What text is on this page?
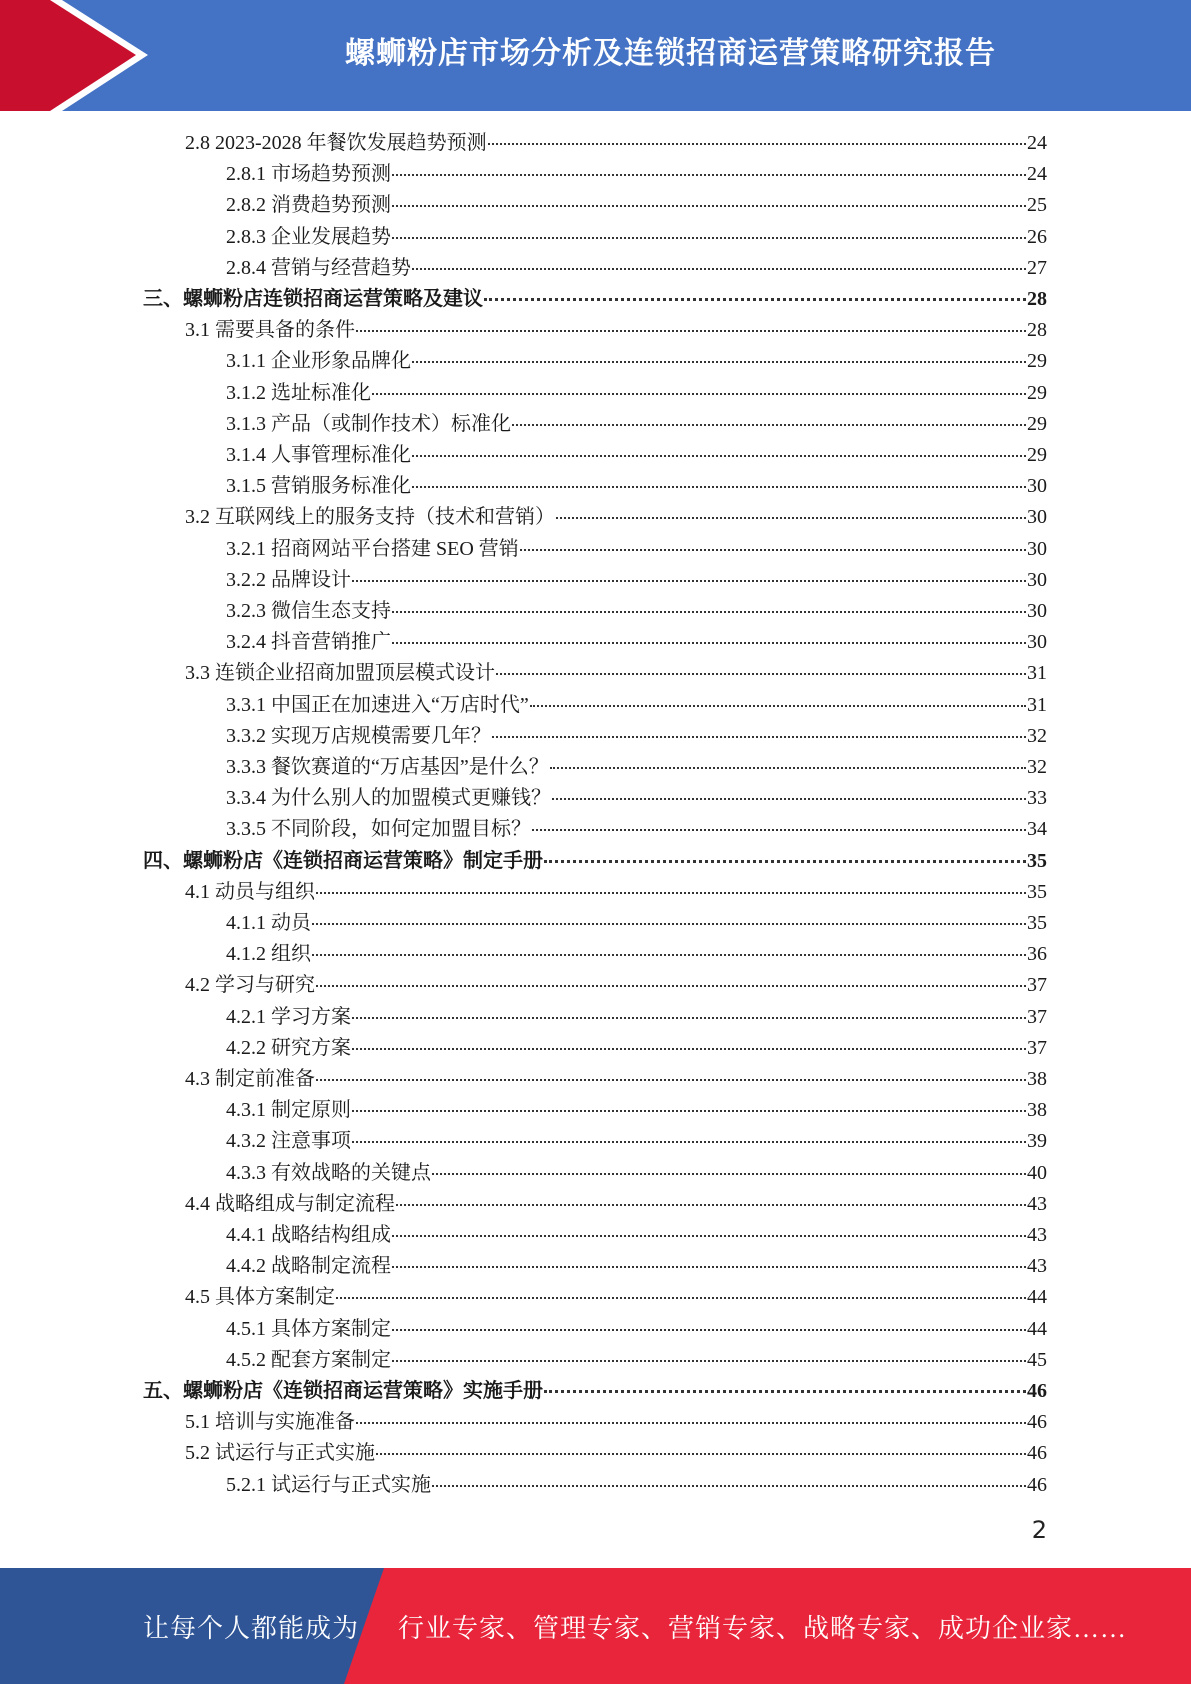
螺蛳粉店市场分析及连锁招商运营策略研究报告
2.8 2023-2028 年餐饮发展趋势预测	24
2.8.1 市场趋势预测	24
2.8.2 消费趋势预测	25
2.8.3 企业发展趋势	26
2.8.4 营销与经营趋势	27
三、螺蛳粉店连锁招商运营策略及建议	28
3.1 需要具备的条件	28
3.1.1 企业形象品牌化	29
3.1.2 选址标准化	29
3.1.3 产品（或制作技术）标准化	29
3.1.4 人事管理标准化	29
3.1.5 营销服务标准化	30
3.2 互联网线上的服务支持（技术和营销）	30
3.2.1 招商网站平台搭建 SEO 营销	30
3.2.2 品牌设计	30
3.2.3 微信生态支持	30
3.2.4 抖音营销推广	30
3.3 连锁企业招商加盟顶层模式设计	31
3.3.1 中国正在加速进入“万店时代”	31
3.3.2 实现万店规模需要几年？	32
3.3.3 餐饮赛道的“万店基因”是什么？	32
3.3.4 为什么别人的加盟模式更赚钱？	33
3.3.5 不同阶段，如何定加盟目标？	34
四、螺蛳粉店《连锁招商运营策略》制定手册	35
4.1 动员与组织	35
4.1.1 动员	35
4.1.2 组织	36
4.2 学习与研究	37
4.2.1 学习方案	37
4.2.2 研究方案	37
4.3 制定前准备	38
4.3.1 制定原则	38
4.3.2 注意事项	39
4.3.3 有效战略的关键点	40
4.4 战略组成与制定流程	43
4.4.1 战略结构组成	43
4.4.2 战略制定流程	43
4.5 具体方案制定	44
4.5.1 具体方案制定	44
4.5.2 配套方案制定	45
五、螺蛳粉店《连锁招商运营策略》实施手册	46
5.1 培训与实施准备	46
5.2 试运行与正式实施	46
5.2.1 试运行与正式实施	46
2
让每个人都能成为 行业专家、管理专家、营销专家、战略专家、成功企业家……
